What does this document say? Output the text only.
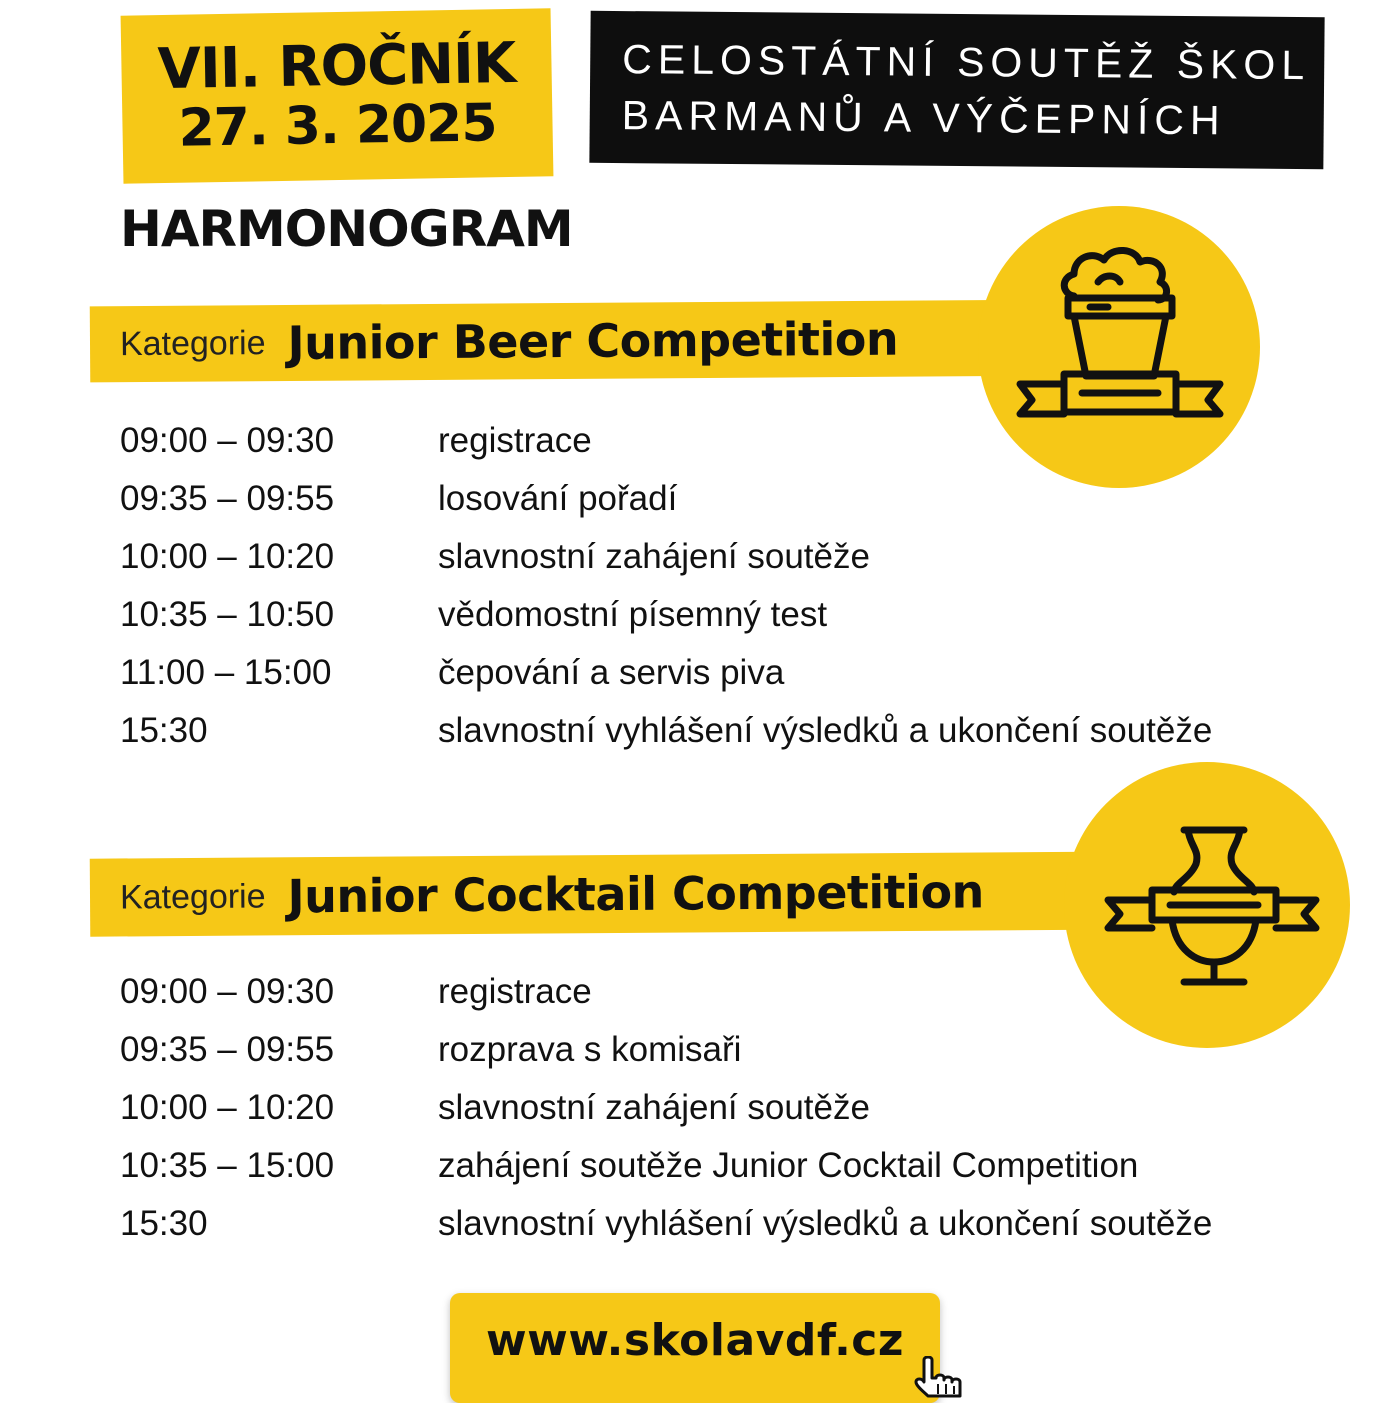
VII. ROČNÍK
27. 3. 2025
CELOSTÁTNÍ SOUTĚŽ ŠKOL
BARMANŮ A VÝČEPNÍCH
HARMONOGRAM
Kategorie Junior Beer Competition
09:00 – 09:30	registrace
09:35 – 09:55	losování pořadí
10:00 – 10:20	slavnostní zahájení soutěže
10:35 – 10:50	vědomostní písemný test
11:00 – 15:00	čepování a servis piva
15:30	slavnostní vyhlášení výsledků a ukončení soutěže
Kategorie Junior Cocktail Competition
09:00 – 09:30	registrace
09:35 – 09:55	rozprava s komisaři
10:00 – 10:20	slavnostní zahájení soutěže
10:35 – 15:00	zahájení soutěže Junior Cocktail Competition
15:30	slavnostní vyhlášení výsledků a ukončení soutěže
www.skolavdf.cz
